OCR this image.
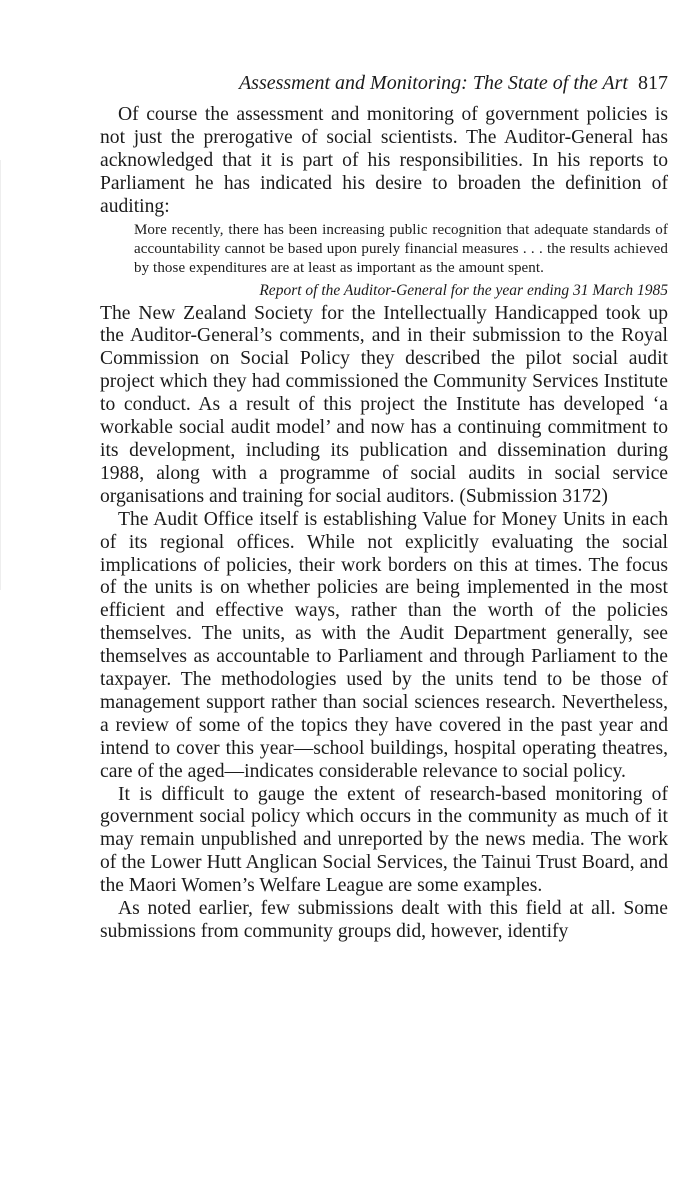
Assessment and Monitoring: The State of the Art 817

Of course the assessment and monitoring of government policies is not just the prerogative of social scientists. The Auditor-General has acknowledged that it is part of his responsibilities. In his reports to Parliament he has indicated his desire to broaden the definition of auditing:

More recently, there has been increasing public recognition that adequate standards of accountability cannot be based upon purely financial measures . . . the results achieved by those expenditures are at least as important as the amount spent.
Report of the Auditor-General for the year ending 31 March 1985

The New Zealand Society for the Intellectually Handicapped took up the Auditor-General’s comments, and in their submission to the Royal Commission on Social Policy they described the pilot social audit project which they had commissioned the Community Services Institute to conduct. As a result of this project the Institute has developed ‘a workable social audit model’ and now has a continuing commitment to its development, including its publication and dissemination during 1988, along with a programme of social audits in social service organisations and training for social auditors. (Submission 3172)

The Audit Office itself is establishing Value for Money Units in each of its regional offices. While not explicitly evaluating the social implications of policies, their work borders on this at times. The focus of the units is on whether policies are being implemented in the most efficient and effective ways, rather than the worth of the policies themselves. The units, as with the Audit Department generally, see themselves as accountable to Parliament and through Parliament to the taxpayer. The methodologies used by the units tend to be those of management support rather than social sciences research. Nevertheless, a review of some of the topics they have covered in the past year and intend to cover this year—school buildings, hospital operating theatres, care of the aged—indicates considerable relevance to social policy.

It is difficult to gauge the extent of research-based monitoring of government social policy which occurs in the community as much of it may remain unpublished and unreported by the news media. The work of the Lower Hutt Anglican Social Services, the Tainui Trust Board, and the Maori Women’s Welfare League are some examples.

As noted earlier, few submissions dealt with this field at all. Some submissions from community groups did, however, identify
